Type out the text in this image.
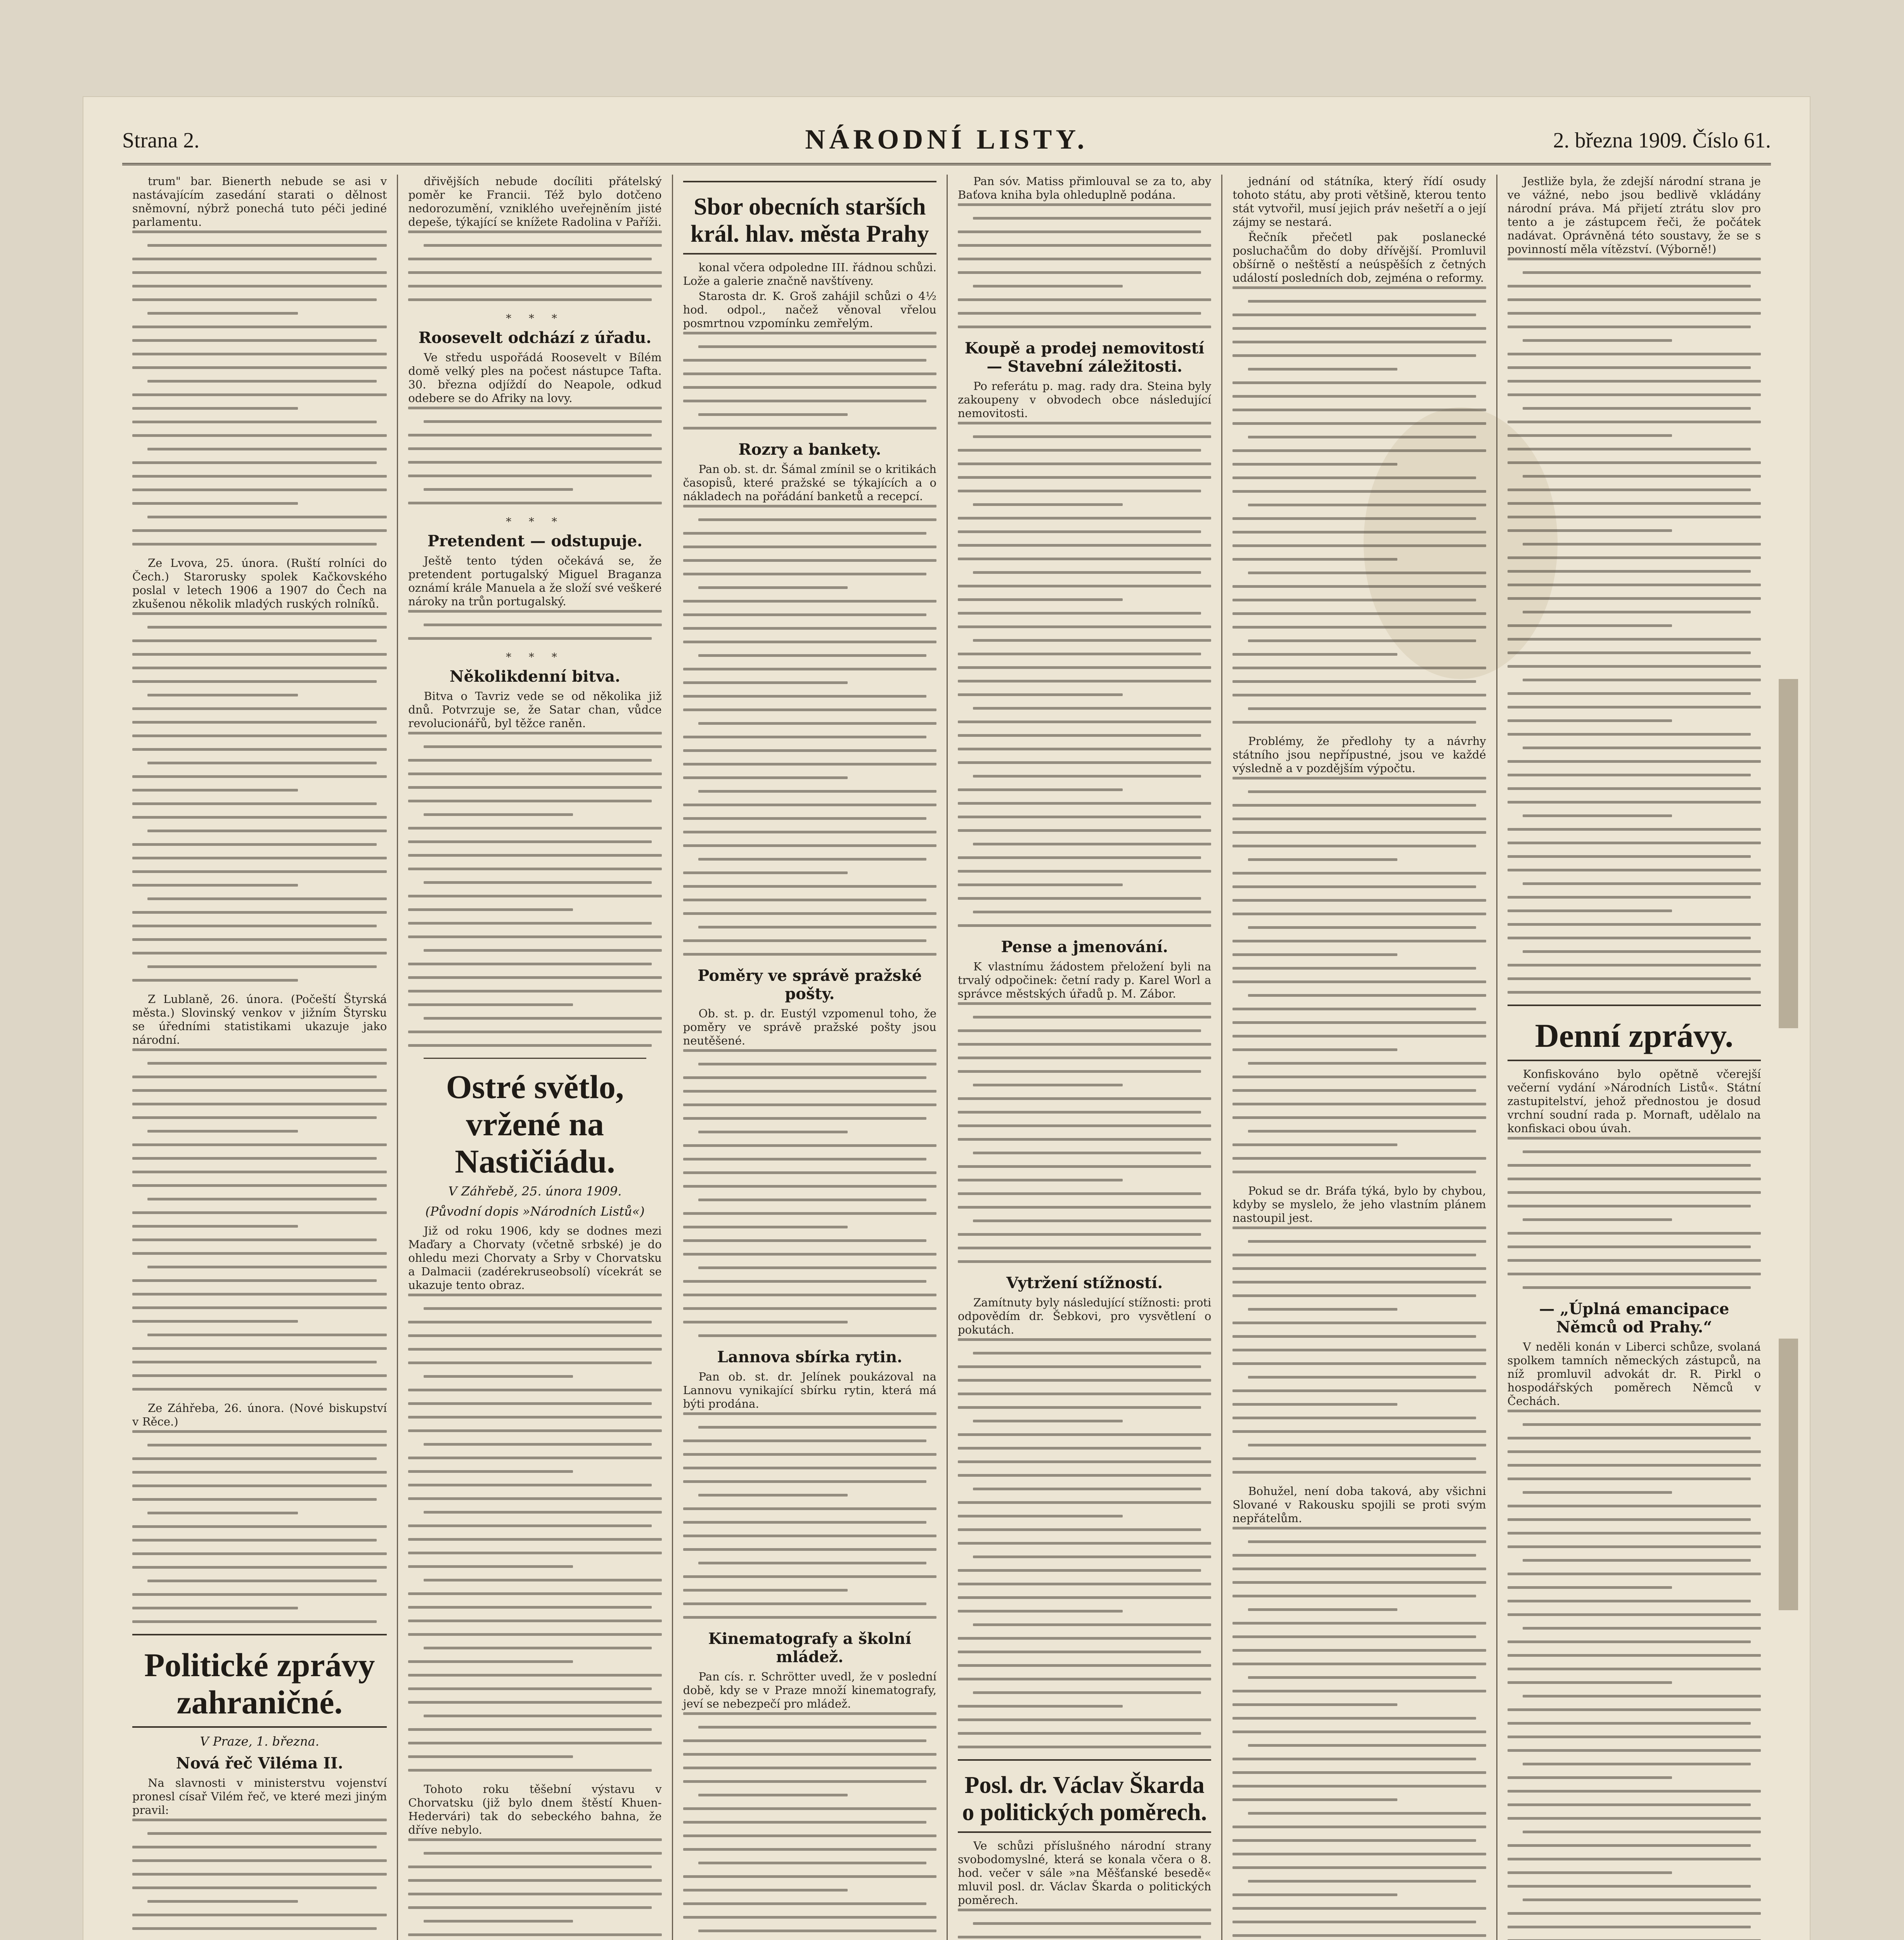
Strana 2.	NÁRODNÍ LISTY.	2. března 1909. Číslo 61.

trum" bar. Bienerth nebude se asi v nastávajícím zasedání starati o dělnost sněmovní, nýbrž ponechá tuto péči jediné parlamentu.

Ze Lvova, 25. února. (Ruští rolníci do Čech.) Starorusky spolek Kačkovského poslal v letech 1906 a 1907 do Čech na zkušenou několik mladých ruských rolníků.

Z Lublaně, 26. února. (Počeští Štyrská města.) Slovinský venkov v jižním Štyrsku se úředními statistikami ukazuje jako národní.

Ze Záhřeba, 26. února. (Nové biskupství v Rěce.)

Politické zprávy zahraničné.
V Praze, 1. března.
Nová řeč Viléma II.

Na slavnosti v ministerstvu vojenství pronesl císař Vilém řeč, ve které mezi jiným pravil:

dřivějších nebude docíliti přátelský poměr ke Francii. Též bylo dotčeno nedorozumění, vzniklého uveřejněním jisté depeše, týkající se knížete Radolina v Paříži.

* * *
Roosevelt odchází z úřadu.

Ve středu uspořádá Roosevelt v Bílém domě velký ples na počest nástupce Tafta. 30. března odjíždí do Neapole, odkud odebere se do Afriky na lovy.

* * *
Pretendent — odstupuje.

Ještě tento týden očekává se, že pretendent portugalský Miguel Braganza oznámí krále Manuela a že složí své veškeré nároky na trůn portugalský.

* * *
Několikdenní bitva.

Bitva o Tavriz vede se od několika již dnů. Potvrzuje se, že Satar chan, vůdce revolucionářů, byl těžce raněn.

Ostré světlo, vržené na Nastičiádu.
V Záhřebě, 25. února 1909.
(Původní dopis »Národních Listů«)

Již od roku 1906, kdy se dodnes mezi Maďary a Chorvaty (včetně srbské) je do ohledu mezi Chorvaty a Srby v Chorvatsku a Dalmacii (zadérekruseobsolí) vícekrát se ukazuje tento obraz.

Tohoto roku těšební výstavu v Chorvatsku (již bylo dnem štěstí Khuen-Hedervári) tak do sebeckého bahna, že dříve nebylo.

Sbor obecních starších král. hlav. města Prahy

konal včera odpoledne III. řádnou schůzi. Lože a galerie značně navštíveny.

Starosta dr. K. Groš zahájil schůzi o 4½ hod. odpol., načež věnoval vřelou posmrtnou vzpomínku zemřelým.

Rozry a bankety.

Pan ob. st. dr. Šámal zmínil se o kritikách časopisů, které pražské se týkajících a o nákladech na pořádání banketů a recepcí.

Poměry ve správě pražské pošty.

Ob. st. p. dr. Eustýl vzpomenul toho, že poměry ve správě pražské pošty jsou neutěšené.

Lannova sbírka rytin.

Pan ob. st. dr. Jelínek poukázoval na Lannovu vynikající sbírku rytin, která má býti prodána.

Kinematografy a školní mládež.

Pan cís. r. Schrötter uvedl, že v poslední době, kdy se v Praze množí kinematografy, jeví se nebezpečí pro mládež.

Pan sóv. Matiss přimlouval se za to, aby Baťova kniha byla ohleduplně podána.

Koupě a prodej nemovitostí — Stavební záležitosti.

Po referátu p. mag. rady dra. Steina byly zakoupeny v obvodech obce následující nemovitosti.

Pense a jmenování.

K vlastnímu žádostem přeložení byli na trvalý odpočinek: četní rady p. Karel Worl a správce městských úřadů p. M. Zábor.

Vytržení stížností.

Zamítnuty byly následující stížnosti: proti odpovědím dr. Šebkovi, pro vysvětlení o pokutách.

Posl. dr. Václav Škarda o politických poměrech.

Ve schůzi příslušného národní strany svobodomyslné, která se konala včera o 8. hod. večer v sále »na Měšťanské besedě« mluvil posl. dr. Václav Škarda o politických poměrech.

jednání od státníka, který řídí osudy tohoto státu, aby proti většině, kterou tento stát vytvořil, musí jejich práv nešetří a o její zájmy se nestará.

Řečník přečetl pak poslanecké posluchačům do doby dřívější. Promluvil obšírně o neštěstí a neúspěších z četných událostí posledních dob, zejména o reformy.

Problémy, že předlohy ty a návrhy státního jsou nepřípustné, jsou ve každé výsledně a v pozdějším výpočtu.

Pokud se dr. Bráfa týká, bylo by chybou, kdyby se myslelo, že jeho vlastním plánem nastoupil jest.

Bohužel, není doba taková, aby všichni Slované v Rakousku spojili se proti svým nepřátelům.

Jestliže byla, že zdejší národní strana je ve vážné, nebo jsou bedlivě vkládány národní práva. Má přijetí ztrátu slov pro tento a je zástupcem řeči, že počátek nadávat. Oprávněná této soustavy, že se s povinností měla vítězství. (Výborně!)

Denní zprávy.

Konfiskováno bylo opětně včerejší večerní vydání »Národních Listů«. Státní zastupitelství, jehož přednostou je dosud vrchní soudní rada p. Mornaft, udělalo na konfiskaci obou úvah.

— „Úplná emancipace Němců od Prahy.“

V neděli konán v Liberci schůze, svolaná spolkem tamních německých zástupců, na níž promluvil advokát dr. R. Pirkl o hospodářských poměrech Němců v Čechách.
